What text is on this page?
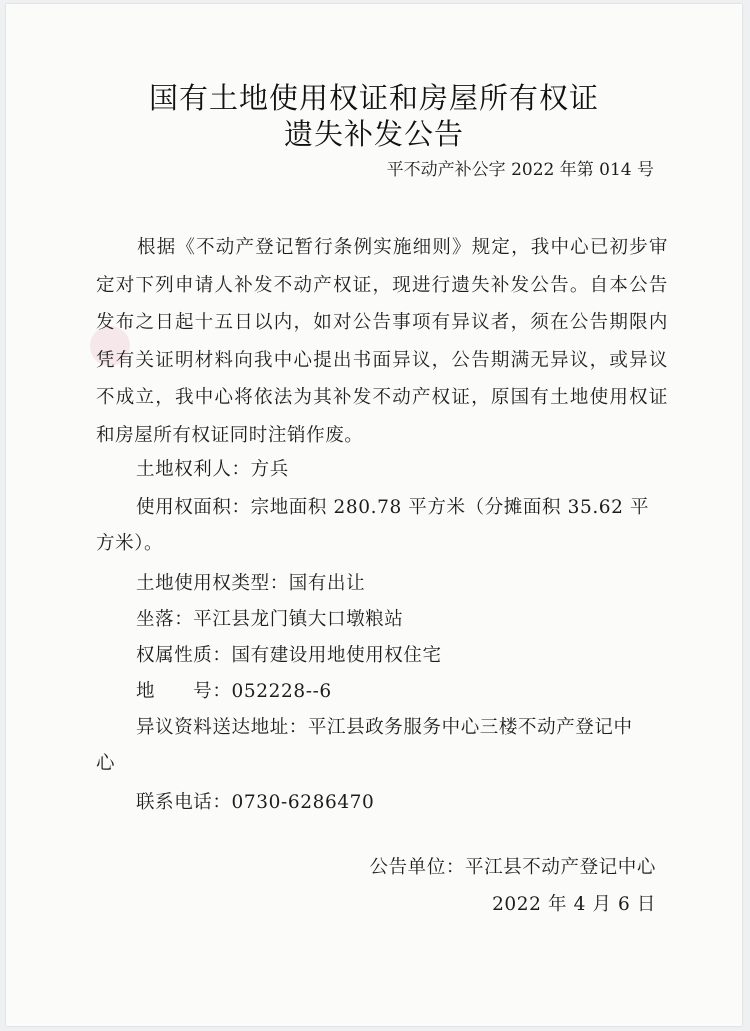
国有土地使用权证和房屋所有权证
遗失补发公告
平不动产补公字 2022 年第 014 号
根据《不动产登记暂行条例实施细则》规定，我中心已初步审定对下列申请人补发不动产权证，现进行遗失补发公告。自本公告发布之日起十五日以内，如对公告事项有异议者，须在公告期限内凭有关证明材料向我中心提出书面异议，公告期满无异议，或异议不成立，我中心将依法为其补发不动产权证，原国有土地使用权证和房屋所有权证同时注销作废。
土地权利人：方兵
使用权面积：宗地面积 280.78 平方米（分摊面积 35.62 平
方米）。
土地使用权类型：国有出让
坐落：平江县龙门镇大口墩粮站
权属性质：国有建设用地使用权住宅
地　　号：052228--6
异议资料送达地址：平江县政务服务中心三楼不动产登记中
心
联系电话：0730-6286470
公告单位：平江县不动产登记中心
2022 年 4 月 6 日
